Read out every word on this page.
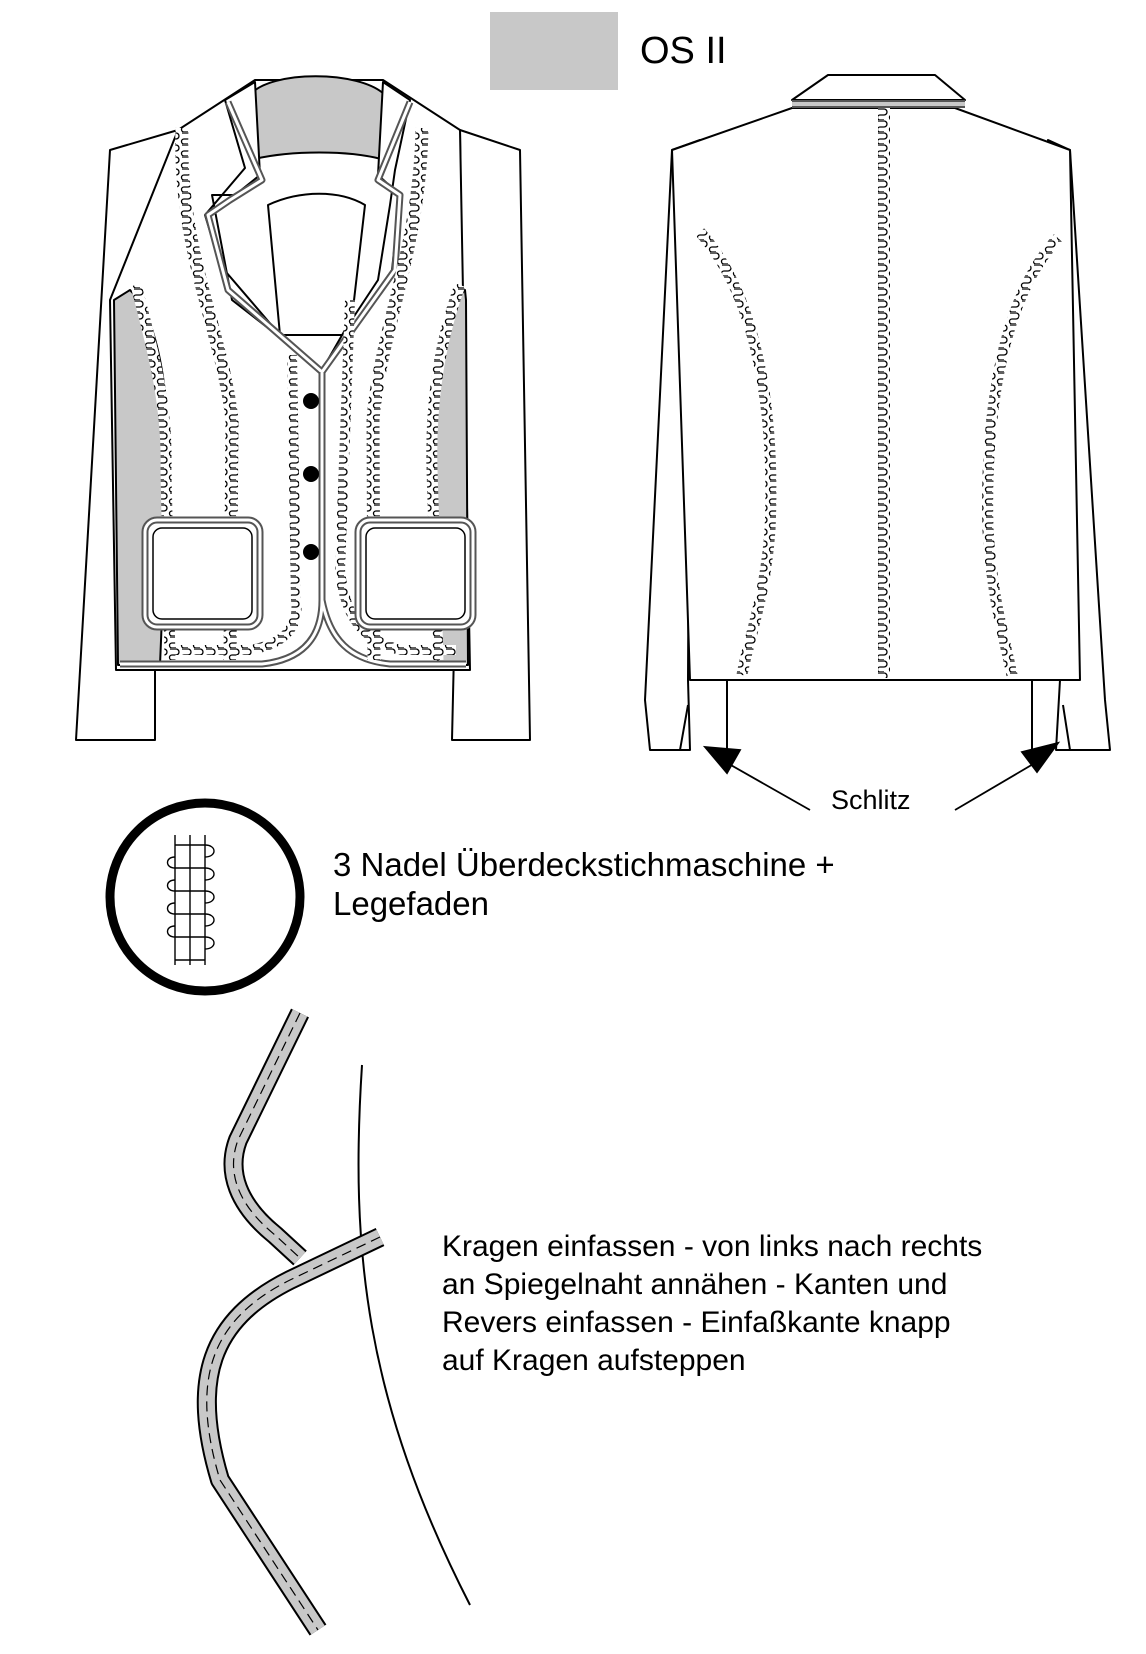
OS II
3 Nadel Überdeckstichmaschine +
Legefaden
Schlitz
Kragen einfassen - von links nach rechts
an Spiegelnaht annähen - Kanten und
Revers einfassen - Einfaßkante knapp
auf Kragen aufsteppen
